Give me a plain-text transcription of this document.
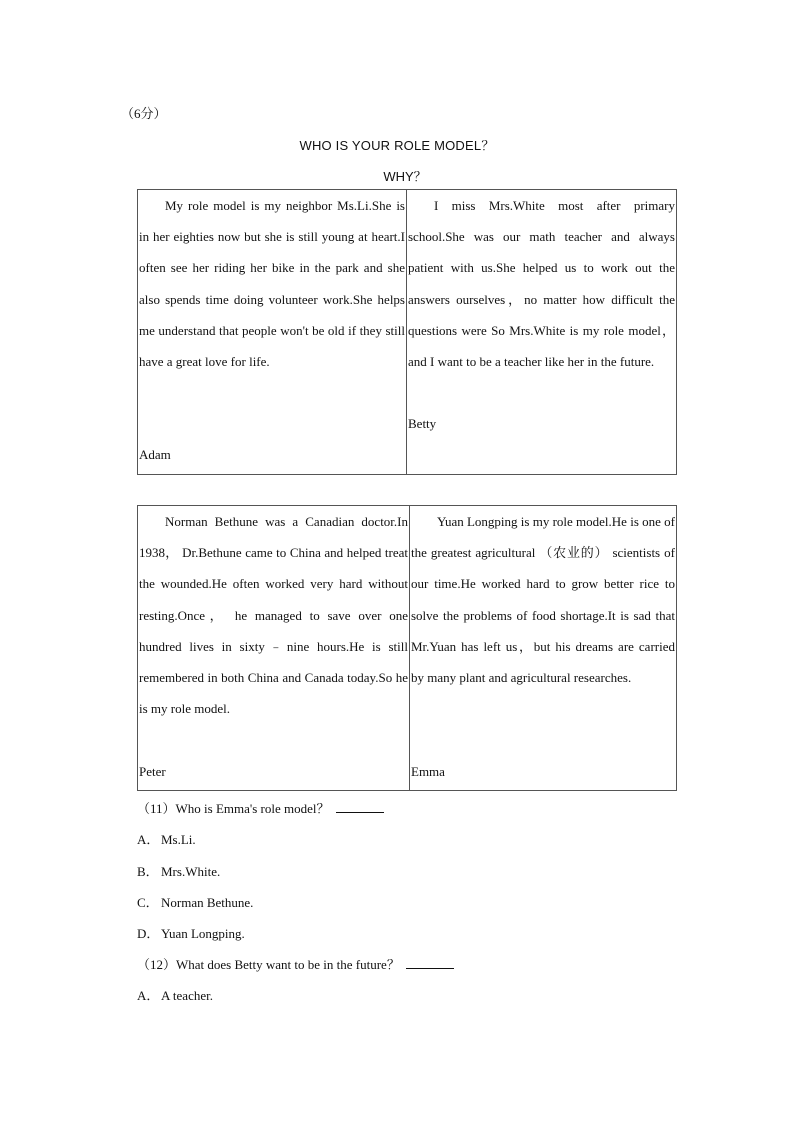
（6分）
WHO IS YOUR ROLE MODEL？
WHY？

My role model is my neighbor Ms.Li.She is in her eighties now but she is still young at heart.I often see her riding her bike in the park and she also spends time doing volunteer work.She helps me understand that people won't be old if they still have a great love for life.

Adam

I miss Mrs.White most after primary school.She was our math teacher and always patient with us.She helped us to work out the answers ourselves，no matter how difficult the questions were So Mrs.White is my role model，and I want to be a teacher like her in the future.

Betty

Norman Bethune was a Canadian doctor.In 1938， Dr.Bethune came to China and helped treat the wounded.He often worked very hard without resting.Once， he managed to save over one hundred lives in sixty﹣nine hours.He is still remembered in both China and Canada today.So he is my role model.

Peter

Yuan Longping is my role model.He is one of the greatest agricultural （农业的） scientists of our time.He worked hard to grow better rice to solve the problems of food shortage.It is sad that Mr.Yuan has left us，but his dreams are carried by many plant and agricultural researches.

Emma
（11）Who is Emma's role model？
A． Ms.Li.
B． Mrs.White.
C． Norman Bethune.
D． Yuan Longping.
（12）What does Betty want to be in the future？
A． A teacher.
